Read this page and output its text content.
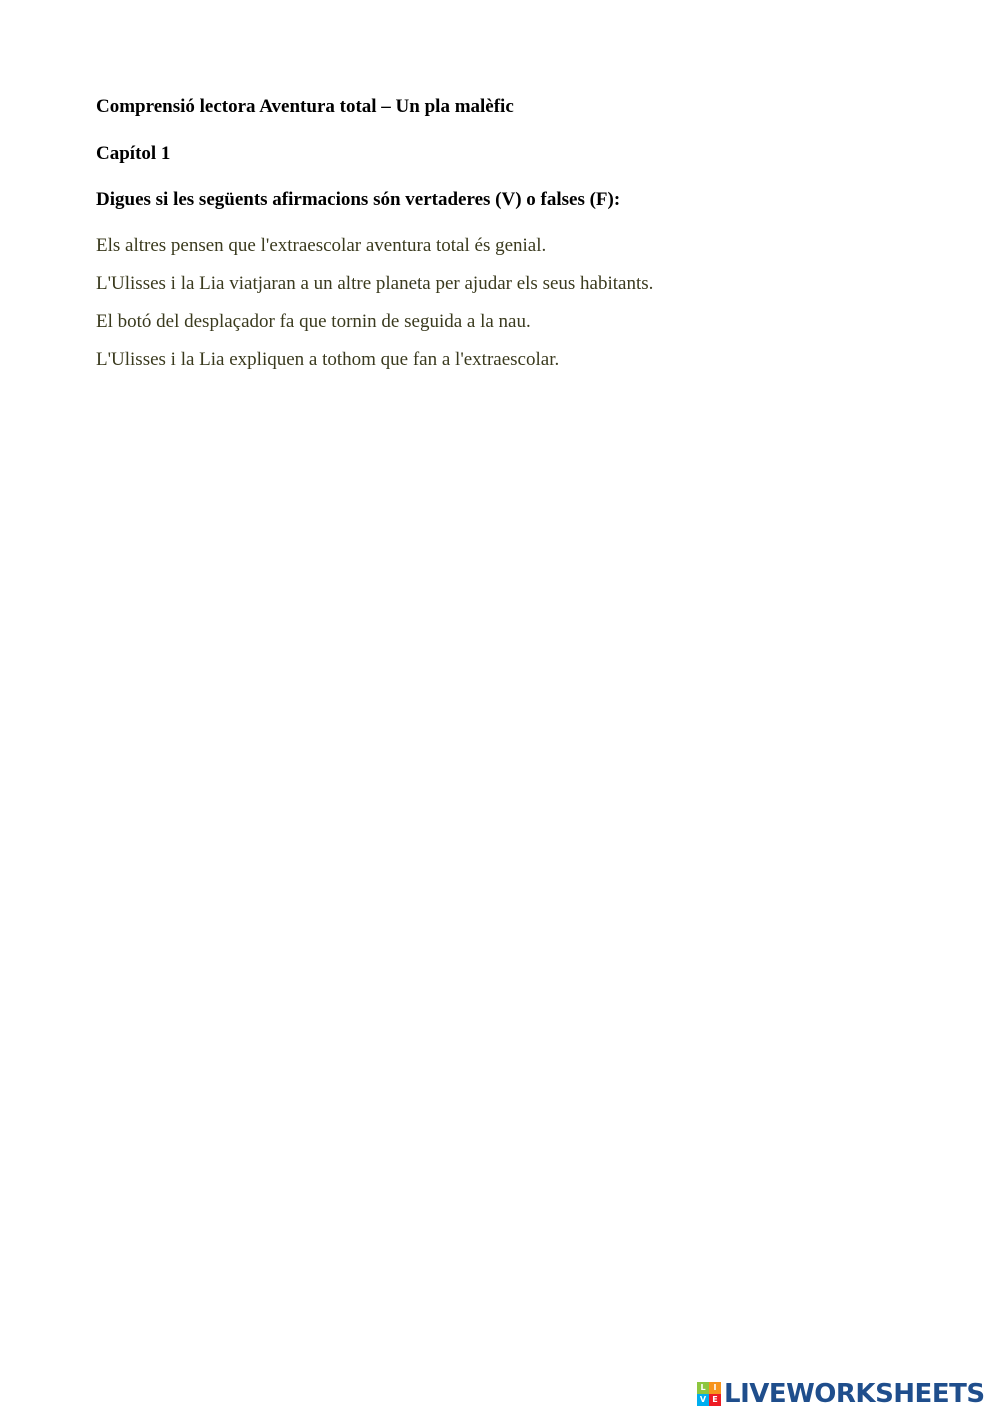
Comprensió lectora Aventura total – Un pla malèfic
Capítol 1
Digues si les següents afirmacions són vertaderes (V) o falses (F):
Els altres pensen que l'extraescolar aventura total és genial.
L'Ulisses i la Lia viatjaran a un altre planeta per ajudar els seus habitants.
El botó del desplaçador fa que tornin de seguida a la nau.
L'Ulisses i la Lia expliquen a tothom que fan a l'extraescolar.
L I
V E LIVEWORKSHEETS
